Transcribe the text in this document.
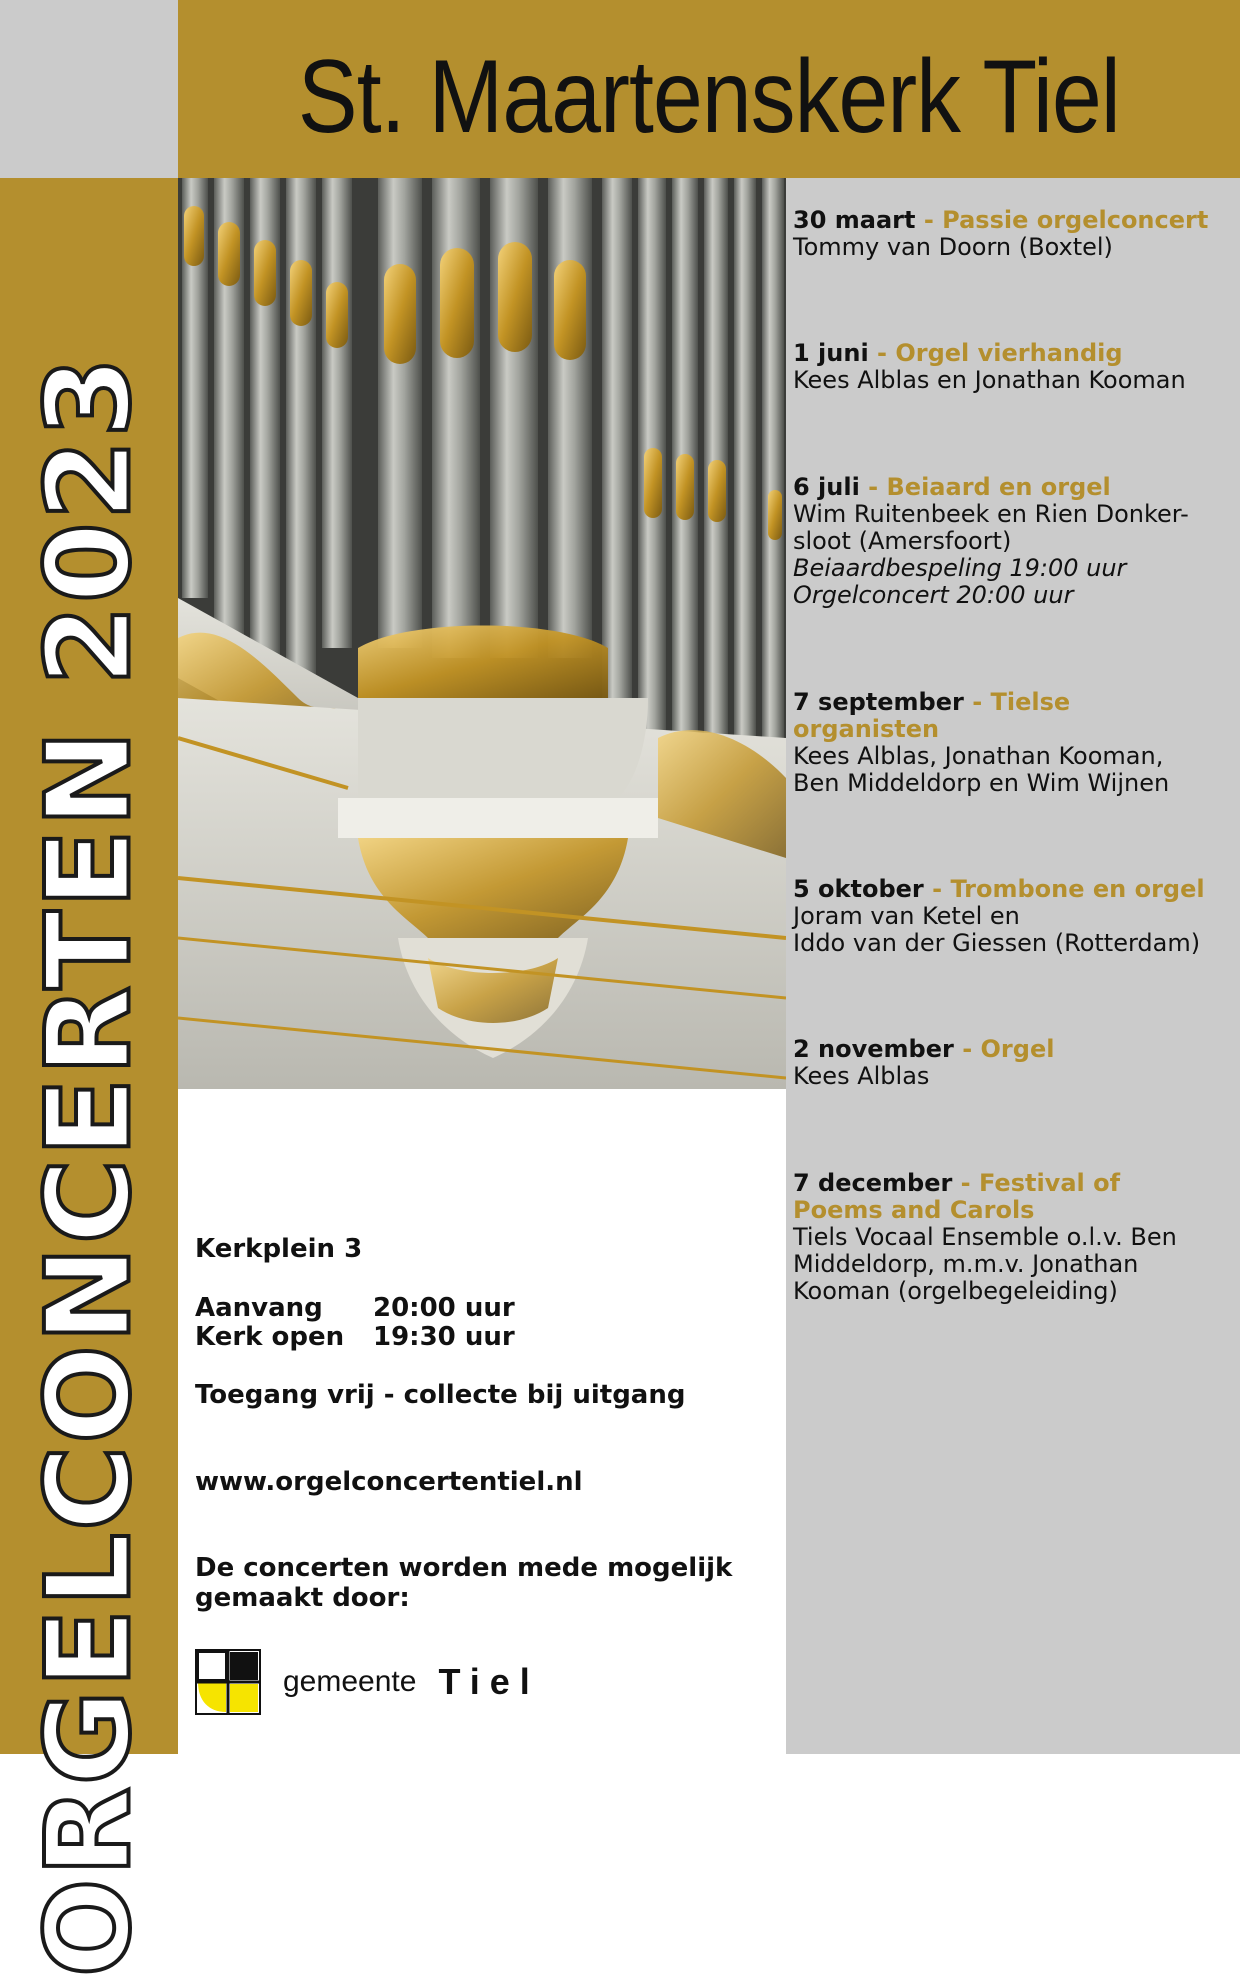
St. Maartenskerk Tiel
ORGELCONCERTEN 2023
30 maart - Passie orgelconcert
Tommy van Doorn (Boxtel)
1 juni - Orgel vierhandig
Kees Alblas en Jonathan Kooman
6 juli - Beiaard en orgel
Wim Ruitenbeek en Rien Donker-
sloot (Amersfoort)
Beiaardbespeling 19:00 uur
Orgelconcert 20:00 uur
7 september - Tielse organisten
Kees Alblas, Jonathan Kooman,
Ben Middeldorp en Wim Wijnen
5 oktober - Trombone en orgel
Joram van Ketel en
Iddo van der Giessen (Rotterdam)
2 november - Orgel
Kees Alblas
7 december - Festival of Poems and Carols
Tiels Vocaal Ensemble o.l.v. Ben
Middeldorp, m.m.v. Jonathan
Kooman (orgelbegeleiding)
Kerkplein 3
Aanvang 20:00 uur
Kerk open 19:30 uur
Toegang vrij - collecte bij uitgang
www.orgelconcertentiel.nl
De concerten worden mede mogelijk
gemaakt door:
gemeente Tiel
